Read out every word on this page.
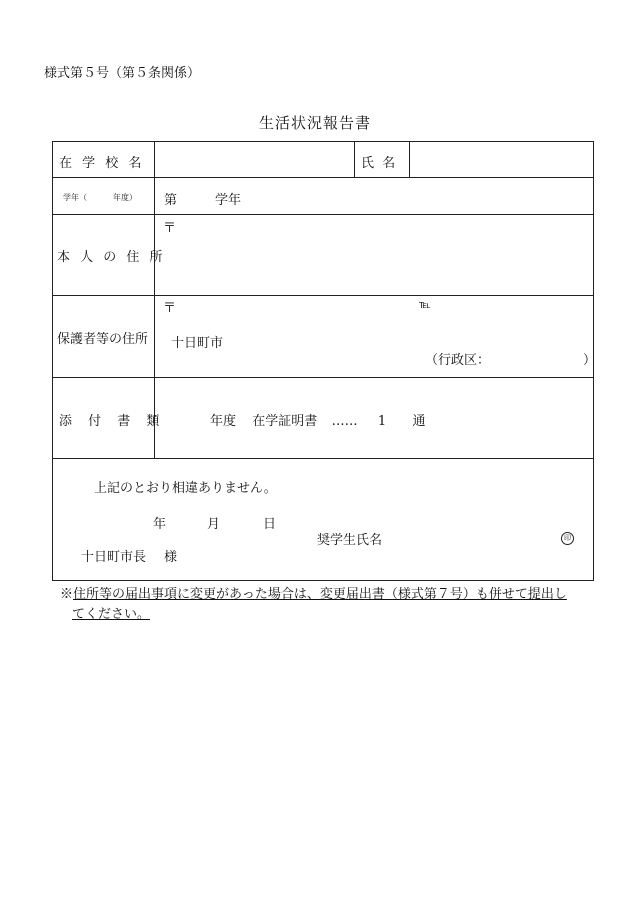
様式第５号（第５条関係）
生活状況報告書
在 学 校 名	氏 名
学年（	年度） 第	学年
本 人 の 住 所
〒
保護者等の住所
〒	℡
十日町市
（行政区：	）
添 付 書 類	年度 在学証明書 …… 1 通
上記のとおり相違ありません。
年	月	日
奨学生氏名	印
十日町市長 様
※住所等の届出事項に変更があった場合は、変更届出書（様式第７号）も併せて提出し
てください。
